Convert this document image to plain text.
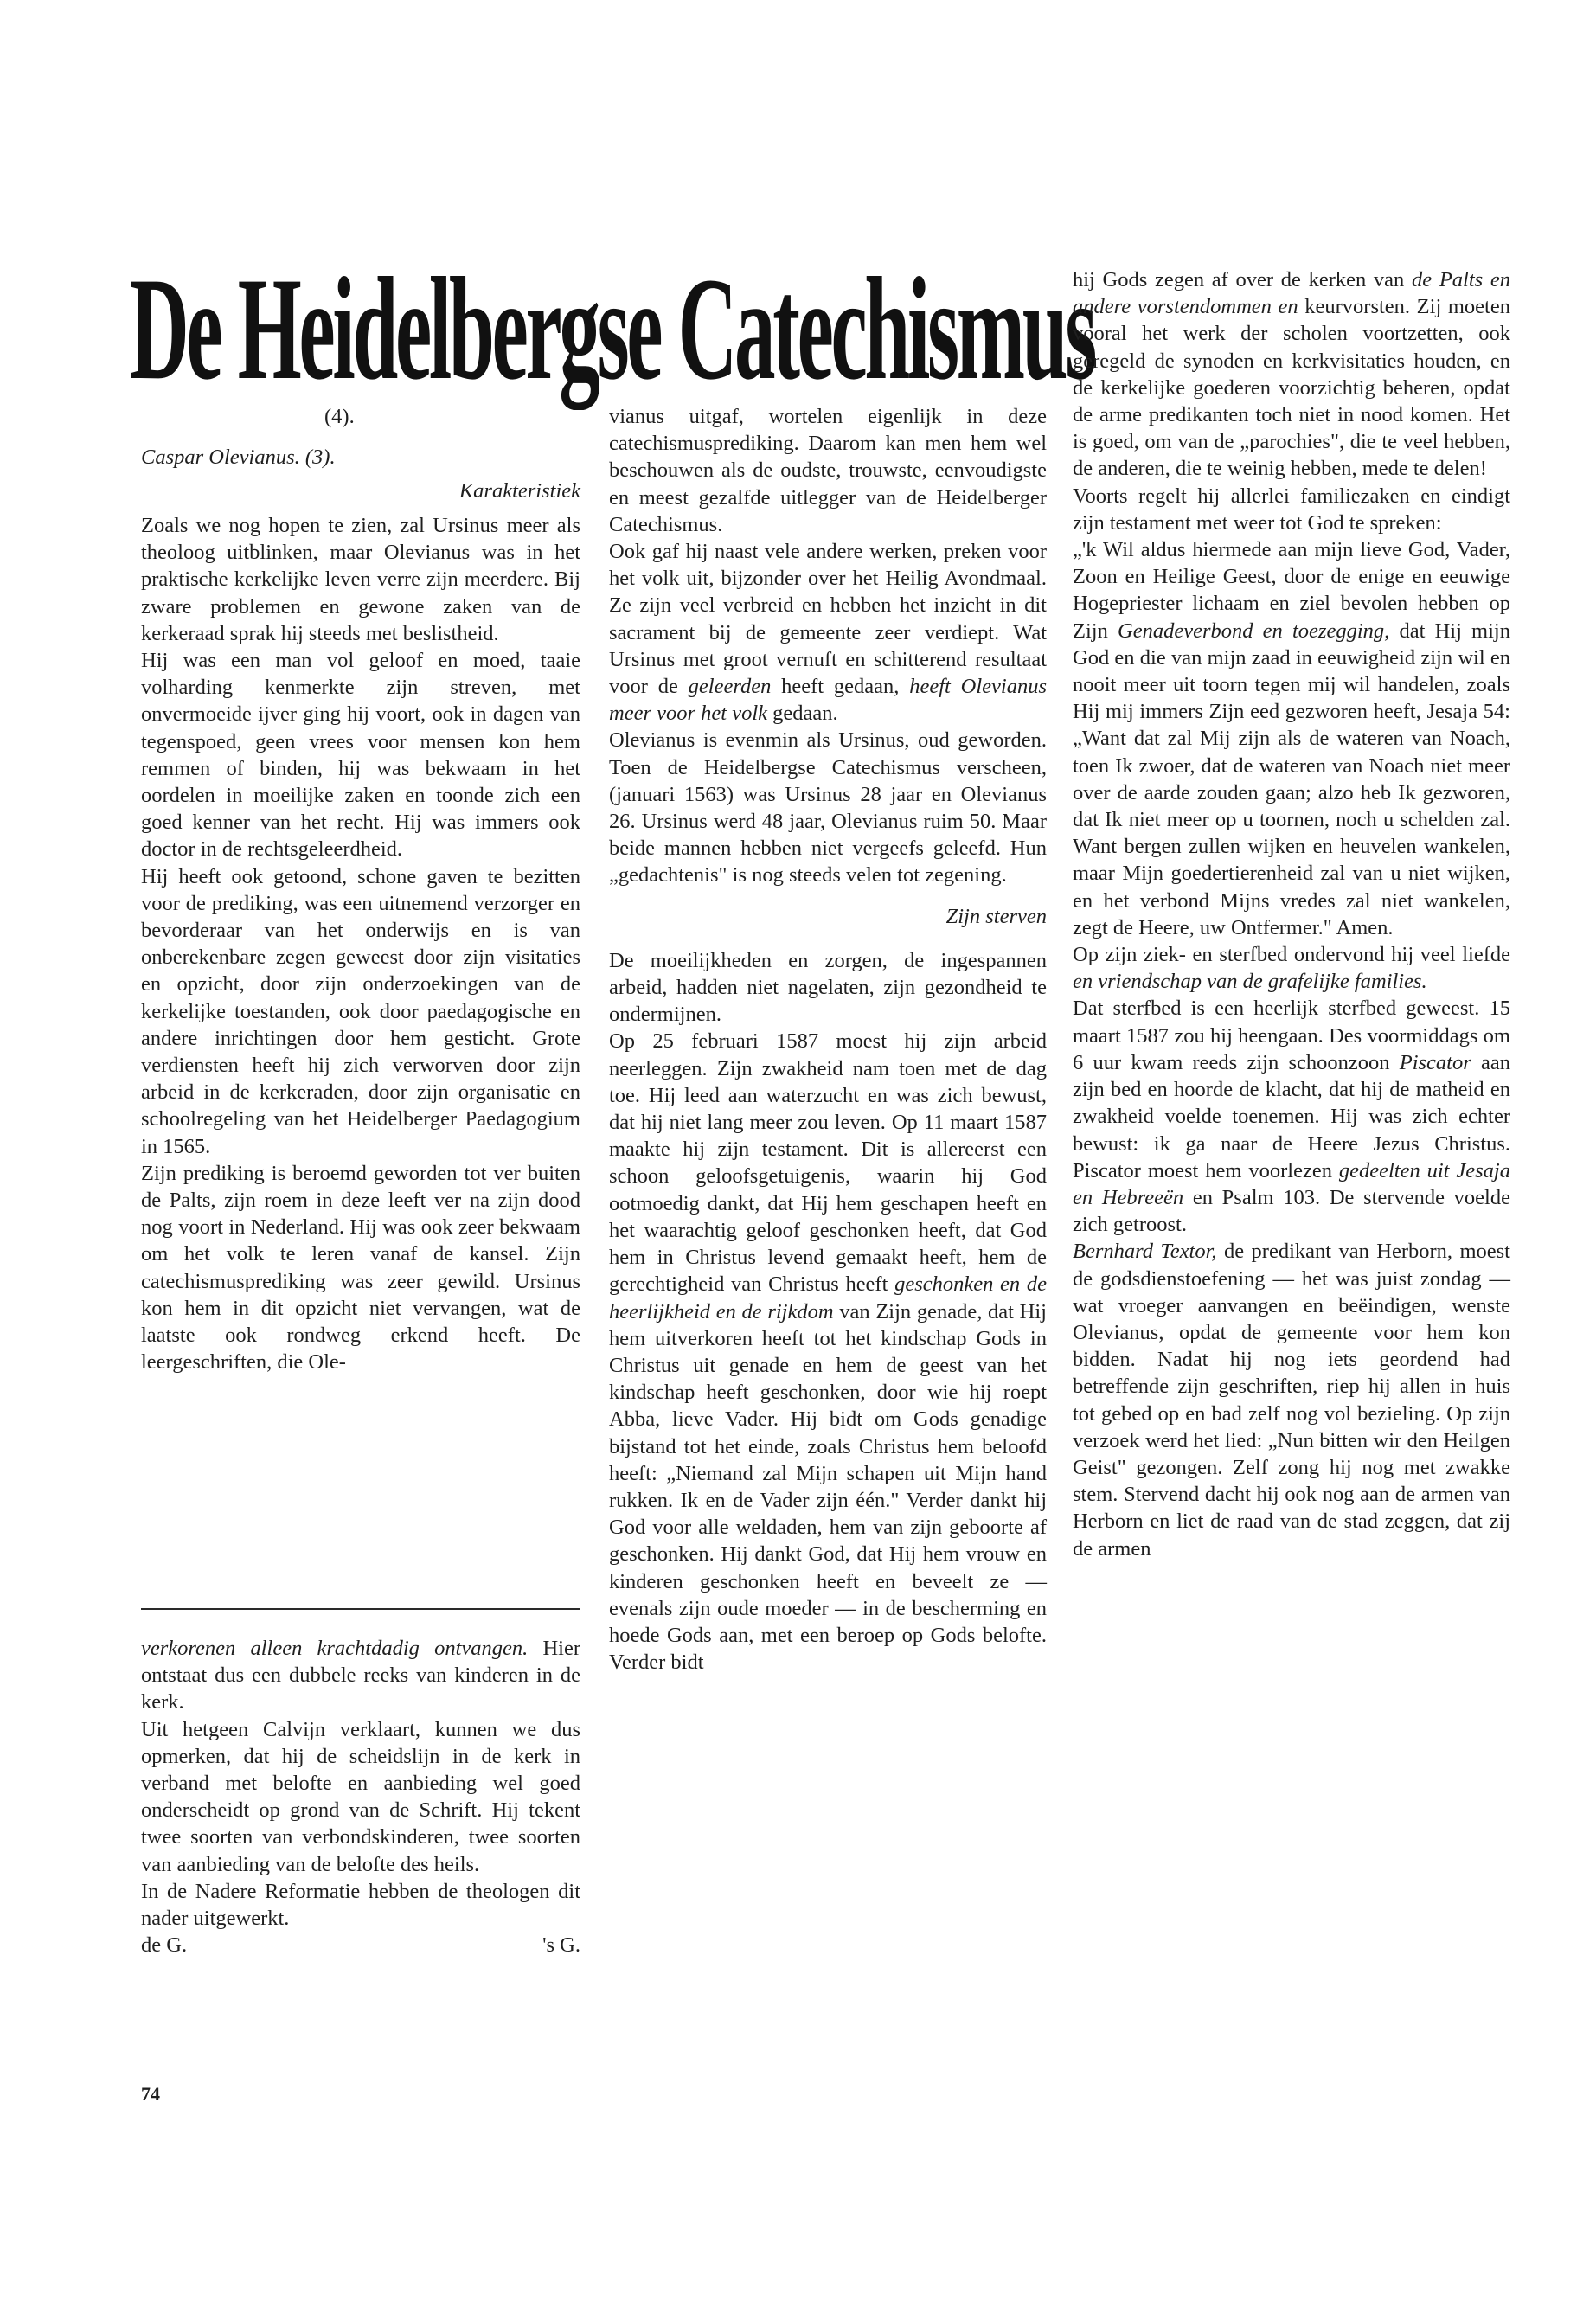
De Heidelbergse Catechismus
(4).
Caspar Olevianus. (3).
Karakteristiek

Zoals we nog hopen te zien, zal Ursinus meer als theoloog uitblinken, maar Olevianus was in het praktische kerkelijke leven verre zijn meerdere. Bij zware problemen en gewone zaken van de kerkeraad sprak hij steeds met beslistheid.

Hij was een man vol geloof en moed, taaie volharding kenmerkte zijn streven, met onvermoeide ijver ging hij voort, ook in dagen van tegenspoed, geen vrees voor mensen kon hem remmen of binden, hij was bekwaam in het oordelen in moeilijke zaken en toonde zich een goed kenner van het recht. Hij was immers ook doctor in de rechtsgeleerdheid.

Hij heeft ook getoond, schone gaven te bezitten voor de prediking, was een uitnemend verzorger en bevorderaar van het onderwijs en is van onberekenbare zegen geweest door zijn visitaties en opzicht, door zijn onderzoekingen van de kerkelijke toestanden, ook door paedagogische en andere inrichtingen door hem gesticht. Grote verdiensten heeft hij zich verworven door zijn arbeid in de kerkeraden, door zijn organisatie en schoolregeling van het Heidelberger Paedagogium in 1565.

Zijn prediking is beroemd geworden tot ver buiten de Palts, zijn roem in deze leeft ver na zijn dood nog voort in Nederland. Hij was ook zeer bekwaam om het volk te leren vanaf de kansel. Zijn catechismusprediking was zeer gewild. Ursinus kon hem in dit opzicht niet vervangen, wat de laatste ook rondweg erkend heeft. De leergeschriften, die Ole-

verkorenen alleen krachtdadig ontvangen. Hier ontstaat dus een dubbele reeks van kinderen in de kerk.

Uit hetgeen Calvijn verklaart, kunnen we dus opmerken, dat hij de scheidslijn in de kerk in verband met belofte en aanbieding wel goed onderscheidt op grond van de Schrift. Hij tekent twee soorten van verbondskinderen, twee soorten van aanbieding van de belofte des heils.

In de Nadere Reformatie hebben de theologen dit nader uitgewerkt.

de G.	's G.

vianus uitgaf, wortelen eigenlijk in deze catechismusprediking. Daarom kan men hem wel beschouwen als de oudste, trouwste, eenvoudigste en meest gezalfde uitlegger van de Heidelberger Catechismus.

Ook gaf hij naast vele andere werken, preken voor het volk uit, bijzonder over het Heilig Avondmaal. Ze zijn veel verbreid en hebben het inzicht in dit sacrament bij de gemeente zeer verdiept. Wat Ursinus met groot vernuft en schitterend resultaat voor de geleerden heeft gedaan, heeft Olevianus meer voor het volk gedaan.

Olevianus is evenmin als Ursinus, oud geworden. Toen de Heidelbergse Catechismus verscheen, (januari 1563) was Ursinus 28 jaar en Olevianus 26. Ursinus werd 48 jaar, Olevianus ruim 50. Maar beide mannen hebben niet vergeefs geleefd. Hun „gedachtenis" is nog steeds velen tot zegening.

Zijn sterven

De moeilijkheden en zorgen, de ingespannen arbeid, hadden niet nagelaten, zijn gezondheid te ondermijnen.

Op 25 februari 1587 moest hij zijn arbeid neerleggen. Zijn zwakheid nam toen met de dag toe. Hij leed aan waterzucht en was zich bewust, dat hij niet lang meer zou leven. Op 11 maart 1587 maakte hij zijn testament. Dit is allereerst een schoon geloofsgetuigenis, waarin hij God ootmoedig dankt, dat Hij hem geschapen heeft en het waarachtig geloof geschonken heeft, dat God hem in Christus levend gemaakt heeft, hem de gerechtigheid van Christus heeft geschonken en de heerlijkheid en de rijkdom van Zijn genade, dat Hij hem uitverkoren heeft tot het kindschap Gods in Christus uit genade en hem de geest van het kindschap heeft geschonken, door wie hij roept Abba, lieve Vader. Hij bidt om Gods genadige bijstand tot het einde, zoals Christus hem beloofd heeft: „Niemand zal Mijn schapen uit Mijn hand rukken. Ik en de Vader zijn één." Verder dankt hij God voor alle weldaden, hem van zijn geboorte af geschonken. Hij dankt God, dat Hij hem vrouw en kinderen geschonken heeft en beveelt ze — evenals zijn oude moeder — in de bescherming en hoede Gods aan, met een beroep op Gods belofte. Verder bidt

hij Gods zegen af over de kerken van de Palts en andere vorstendommen en keurvorsten. Zij moeten vooral het werk der scholen voortzetten, ook geregeld de synoden en kerkvisitaties houden, en de kerkelijke goederen voorzichtig beheren, opdat de arme predikanten toch niet in nood komen. Het is goed, om van de „parochies", die te veel hebben, de anderen, die te weinig hebben, mede te delen!

Voorts regelt hij allerlei familiezaken en eindigt zijn testament met weer tot God te spreken:

„'k Wil aldus hiermede aan mijn lieve God, Vader, Zoon en Heilige Geest, door de enige en eeuwige Hogepriester lichaam en ziel bevolen hebben op Zijn Genadeverbond en toezegging, dat Hij mijn God en die van mijn zaad in eeuwigheid zijn wil en nooit meer uit toorn tegen mij wil handelen, zoals Hij mij immers Zijn eed gezworen heeft, Jesaja 54: „Want dat zal Mij zijn als de wateren van Noach, toen Ik zwoer, dat de wateren van Noach niet meer over de aarde zouden gaan; alzo heb Ik gezworen, dat Ik niet meer op u toornen, noch u schelden zal. Want bergen zullen wijken en heuvelen wankelen, maar Mijn goedertierenheid zal van u niet wijken, en het verbond Mijns vredes zal niet wankelen, zegt de Heere, uw Ontfermer." Amen.

Op zijn ziek- en sterfbed ondervond hij veel liefde en vriendschap van de grafelijke families.

Dat sterfbed is een heerlijk sterfbed geweest. 15 maart 1587 zou hij heengaan. Des voormiddags om 6 uur kwam reeds zijn schoonzoon Piscator aan zijn bed en hoorde de klacht, dat hij de matheid en zwakheid voelde toenemen. Hij was zich echter bewust: ik ga naar de Heere Jezus Christus. Piscator moest hem voorlezen gedeelten uit Jesaja en Hebreeën en Psalm 103. De stervende voelde zich getroost.

Bernhard Textor, de predikant van Herborn, moest de godsdienstoefening — het was juist zondag — wat vroeger aanvangen en beëindigen, wenste Olevianus, opdat de gemeente voor hem kon bidden. Nadat hij nog iets geordend had betreffende zijn geschriften, riep hij allen in huis tot gebed op en bad zelf nog vol bezieling. Op zijn verzoek werd het lied: „Nun bitten wir den Heilgen Geist" gezongen. Zelf zong hij nog met zwakke stem. Stervend dacht hij ook nog aan de armen van Herborn en liet de raad van de stad zeggen, dat zij de armen

74
